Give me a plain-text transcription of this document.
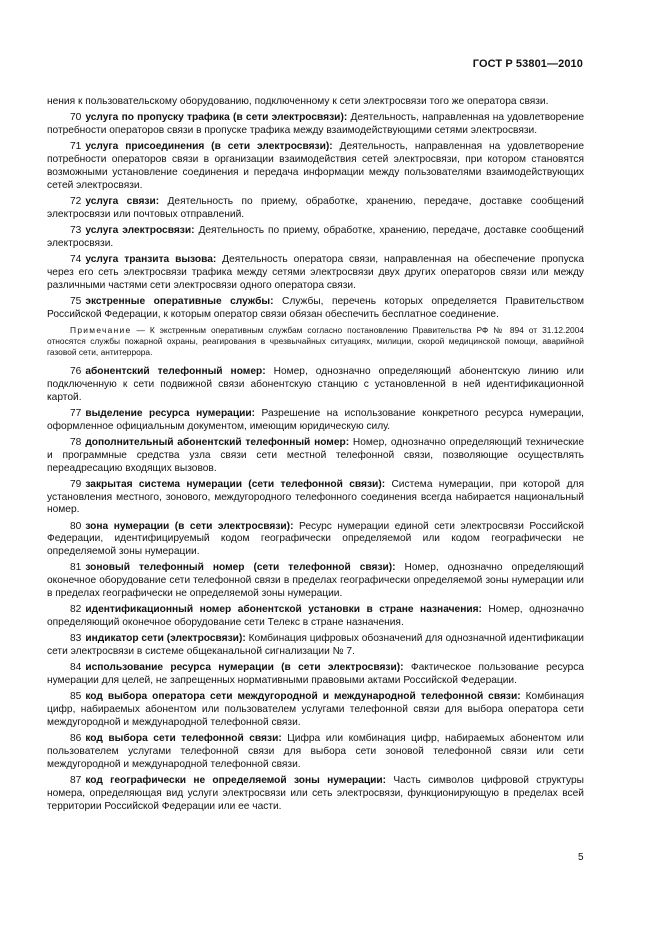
ГОСТ Р 53801—2010

нения к пользовательскому оборудованию, подключенному к сети электросвязи того же оператора связи.

70 услуга по пропуску трафика (в сети электросвязи): Деятельность, направленная на удовлетворение потребности операторов связи в пропуске трафика между взаимодействующими сетями электросвязи.

71 услуга присоединения (в сети электросвязи): Деятельность, направленная на удовлетворение потребности операторов связи в организации взаимодействия сетей электросвязи, при котором становятся возможными установление соединения и передача информации между пользователями взаимодействующих сетей электросвязи.

72 услуга связи: Деятельность по приему, обработке, хранению, передаче, доставке сообщений электросвязи или почтовых отправлений.

73 услуга электросвязи: Деятельность по приему, обработке, хранению, передаче, доставке сообщений электросвязи.

74 услуга транзита вызова: Деятельность оператора связи, направленная на обеспечение пропуска через его сеть электросвязи трафика между сетями электросвязи двух других операторов связи или между различными частями сети электросвязи одного оператора связи.

75 экстренные оперативные службы: Службы, перечень которых определяется Правительством Российской Федерации, к которым оператор связи обязан обеспечить бесплатное соединение.

Примечание — К экстренным оперативным службам согласно постановлению Правительства РФ № 894 от 31.12.2004 относятся службы пожарной охраны, реагирования в чрезвычайных ситуациях, милиции, скорой медицинской помощи, аварийной газовой сети, антитеррора.

76 абонентский телефонный номер: Номер, однозначно определяющий абонентскую линию или подключенную к сети подвижной связи абонентскую станцию с установленной в ней идентификационной картой.

77 выделение ресурса нумерации: Разрешение на использование конкретного ресурса нумерации, оформленное официальным документом, имеющим юридическую силу.

78 дополнительный абонентский телефонный номер: Номер, однозначно определяющий технические и программные средства узла связи сети местной телефонной связи, позволяющие осуществлять переадресацию входящих вызовов.

79 закрытая система нумерации (сети телефонной связи): Система нумерации, при которой для установления местного, зонового, междугородного телефонного соединения всегда набирается национальный номер.

80 зона нумерации (в сети электросвязи): Ресурс нумерации единой сети электросвязи Российской Федерации, идентифицируемый кодом географически определяемой или кодом географически не определяемой зоны нумерации.

81 зоновый телефонный номер (сети телефонной связи): Номер, однозначно определяющий оконечное оборудование сети телефонной связи в пределах географически определяемой зоны нумерации или в пределах географически не определяемой зоны нумерации.

82 идентификационный номер абонентской установки в стране назначения: Номер, однозначно определяющий оконечное оборудование сети Телекс в стране назначения.

83 индикатор сети (электросвязи): Комбинация цифровых обозначений для однозначной идентификации сети электросвязи в системе общеканальной сигнализации № 7.

84 использование ресурса нумерации (в сети электросвязи): Фактическое пользование ресурса нумерации для целей, не запрещенных нормативными правовыми актами Российской Федерации.

85 код выбора оператора сети междугородной и международной телефонной связи: Комбинация цифр, набираемых абонентом или пользователем услугами телефонной связи для выбора оператора сети междугородной и международной телефонной связи.

86 код выбора сети телефонной связи: Цифра или комбинация цифр, набираемых абонентом или пользователем услугами телефонной связи для выбора сети зоновой телефонной связи или сети междугородной и международной телефонной связи.

87 код географически не определяемой зоны нумерации: Часть символов цифровой структуры номера, определяющая вид услуги электросвязи или сеть электросвязи, функционирующую в пределах всей территории Российской Федерации или ее части.

5
